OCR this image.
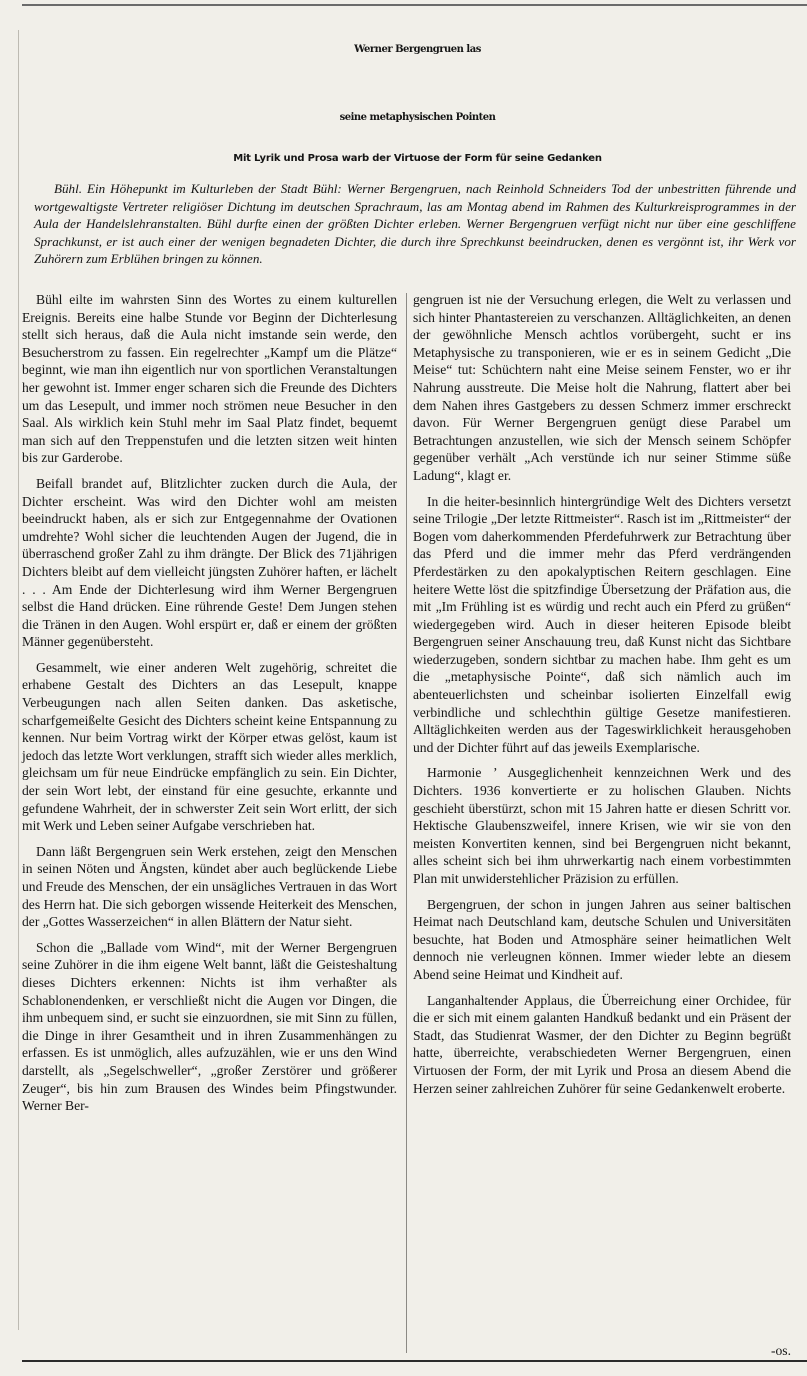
Werner Bergengruen las
seine metaphysischen Pointen
Mit Lyrik und Prosa warb der Virtuose der Form für seine Gedanken

Bühl. Ein Höhepunkt im Kulturleben der Stadt Bühl: Werner Bergengruen, nach Reinhold Schneiders Tod der unbestritten führende und wortgewaltigste Vertreter religiöser Dichtung im deutschen Sprachraum, las am Montag abend im Rahmen des Kulturkreisprogrammes in der Aula der Handelslehranstalten. Bühl durfte einen der größten Dichter erleben. Werner Bergengruen verfügt nicht nur über eine geschliffene Sprachkunst, er ist auch einer der wenigen begnadeten Dichter, die durch ihre Sprechkunst beeindrucken, denen es vergönnt ist, ihr Werk vor Zuhörern zum Erblühen bringen zu können.

Bühl eilte im wahrsten Sinn des Wortes zu einem kulturellen Ereignis. Bereits eine halbe Stunde vor Beginn der Dichterlesung stellt sich heraus, daß die Aula nicht imstande sein werde, den Besucherstrom zu fassen. Ein regelrechter „Kampf um die Plätze“ beginnt, wie man ihn eigentlich nur von sportlichen Veranstaltungen her gewohnt ist. Immer enger scharen sich die Freunde des Dichters um das Lesepult, und immer noch strömen neue Besucher in den Saal. Als wirklich kein Stuhl mehr im Saal Platz findet, bequemt man sich auf den Treppenstufen und die letzten sitzen weit hinten bis zur Garderobe.

Beifall brandet auf, Blitzlichter zucken durch die Aula, der Dichter erscheint. Was wird den Dichter wohl am meisten beeindruckt haben, als er sich zur Entgegennahme der Ovationen umdrehte? Wohl sicher die leuchtenden Augen der Jugend, die in überraschend großer Zahl zu ihm drängte. Der Blick des 71jährigen Dichters bleibt auf dem vielleicht jüngsten Zuhörer haften, er lächelt . . . Am Ende der Dichterlesung wird ihm Werner Bergengruen selbst die Hand drücken. Eine rührende Geste! Dem Jungen stehen die Tränen in den Augen. Wohl erspürt er, daß er einem der größten Männer gegenübersteht.

Gesammelt, wie einer anderen Welt zugehörig, schreitet die erhabene Gestalt des Dichters an das Lesepult, knappe Verbeugungen nach allen Seiten danken. Das asketische, scharfgemeißelte Gesicht des Dichters scheint keine Entspannung zu kennen. Nur beim Vortrag wirkt der Körper etwas gelöst, kaum ist jedoch das letzte Wort verklungen, strafft sich wieder alles merklich, gleichsam um für neue Eindrücke empfänglich zu sein. Ein Dichter, der sein Wort lebt, der einstand für eine gesuchte, erkannte und gefundene Wahrheit, der in schwerster Zeit sein Wort erlitt, der sich mit Werk und Leben seiner Aufgabe verschrieben hat.

Dann läßt Bergengruen sein Werk erstehen, zeigt den Menschen in seinen Nöten und Ängsten, kündet aber auch beglückende Liebe und Freude des Menschen, der ein unsägliches Vertrauen in das Wort des Herrn hat. Die sich geborgen wissende Heiterkeit des Menschen, der „Gottes Wasserzeichen“ in allen Blättern der Natur sieht.

Schon die „Ballade vom Wind“, mit der Werner Bergengruen seine Zuhörer in die ihm eigene Welt bannt, läßt die Geisteshaltung dieses Dichters erkennen: Nichts ist ihm verhaßter als Schablonendenken, er verschließt nicht die Augen vor Dingen, die ihm unbequem sind, er sucht sie einzuordnen, sie mit Sinn zu füllen, die Dinge in ihrer Gesamtheit und in ihren Zusammenhängen zu erfassen. Es ist unmöglich, alles aufzuzählen, wie er uns den Wind darstellt, als „Segelschweller“, „großer Zerstörer und größerer Zeuger“, bis hin zum Brausen des Windes beim Pfingstwunder. Werner Ber-

gengruen ist nie der Versuchung erlegen, die Welt zu verlassen und sich hinter Phantastereien zu verschanzen. Alltäglichkeiten, an denen der gewöhnliche Mensch achtlos vorübergeht, sucht er ins Metaphysische zu transponieren, wie er es in seinem Gedicht „Die Meise“ tut: Schüchtern naht eine Meise seinem Fenster, wo er ihr Nahrung ausstreute. Die Meise holt die Nahrung, flattert aber bei dem Nahen ihres Gastgebers zu dessen Schmerz immer erschreckt davon. Für Werner Bergengruen genügt diese Parabel um Betrachtungen anzustellen, wie sich der Mensch seinem Schöpfer gegenüber verhält „Ach verstünde ich nur seiner Stimme süße Ladung“, klagt er.

In die heiter-besinnlich hintergründige Welt des Dichters versetzt seine Trilogie „Der letzte Rittmeister“. Rasch ist im „Rittmeister“ der Bogen vom daherkommenden Pferdefuhrwerk zur Betrachtung über das Pferd und die immer mehr das Pferd verdrängenden Pferdestärken zu den apokalyptischen Reitern geschlagen. Eine heitere Wette löst die spitzfindige Übersetzung der Präfation aus, die mit „Im Frühling ist es würdig und recht auch ein Pferd zu grüßen“ wiedergegeben wird. Auch in dieser heiteren Episode bleibt Bergengruen seiner Anschauung treu, daß Kunst nicht das Sichtbare wiederzugeben, sondern sichtbar zu machen habe. Ihm geht es um die „metaphysische Pointe“, daß sich nämlich auch im abenteuerlichsten und scheinbar isolierten Einzelfall ewig verbindliche und schlechthin gültige Gesetze manifestieren. Alltäglichkeiten werden aus der Tageswirklichkeit herausgehoben und der Dichter führt auf das jeweils Exemplarische.

Harmonie ’ Ausgeglichenheit kennzeichnen Werk und des Dichters. 1936 konvertierte er zu holischen Glauben. Nichts geschieht überstürzt, schon mit 15 Jahren hatte er diesen Schritt vor. Hektische Glaubenszweifel, innere Krisen, wie wir sie von den meisten Konvertiten kennen, sind bei Bergengruen nicht bekannt, alles scheint sich bei ihm uhrwerkartig nach einem vorbestimmten Plan mit unwiderstehlicher Präzision zu erfüllen.

Bergengruen, der schon in jungen Jahren aus seiner baltischen Heimat nach Deutschland kam, deutsche Schulen und Universitäten besuchte, hat Boden und Atmosphäre seiner heimatlichen Welt dennoch nie verleugnen können. Immer wieder lebte an diesem Abend seine Heimat und Kindheit auf.

Langanhaltender Applaus, die Überreichung einer Orchidee, für die er sich mit einem galanten Handkuß bedankt und ein Präsent der Stadt, das Studienrat Wasmer, der den Dichter zu Beginn begrüßt hatte, überreichte, verabschiedeten Werner Bergengruen, einen Virtuosen der Form, der mit Lyrik und Prosa an diesem Abend die Herzen seiner zahlreichen Zuhörer für seine Gedankenwelt eroberte.

-os.
